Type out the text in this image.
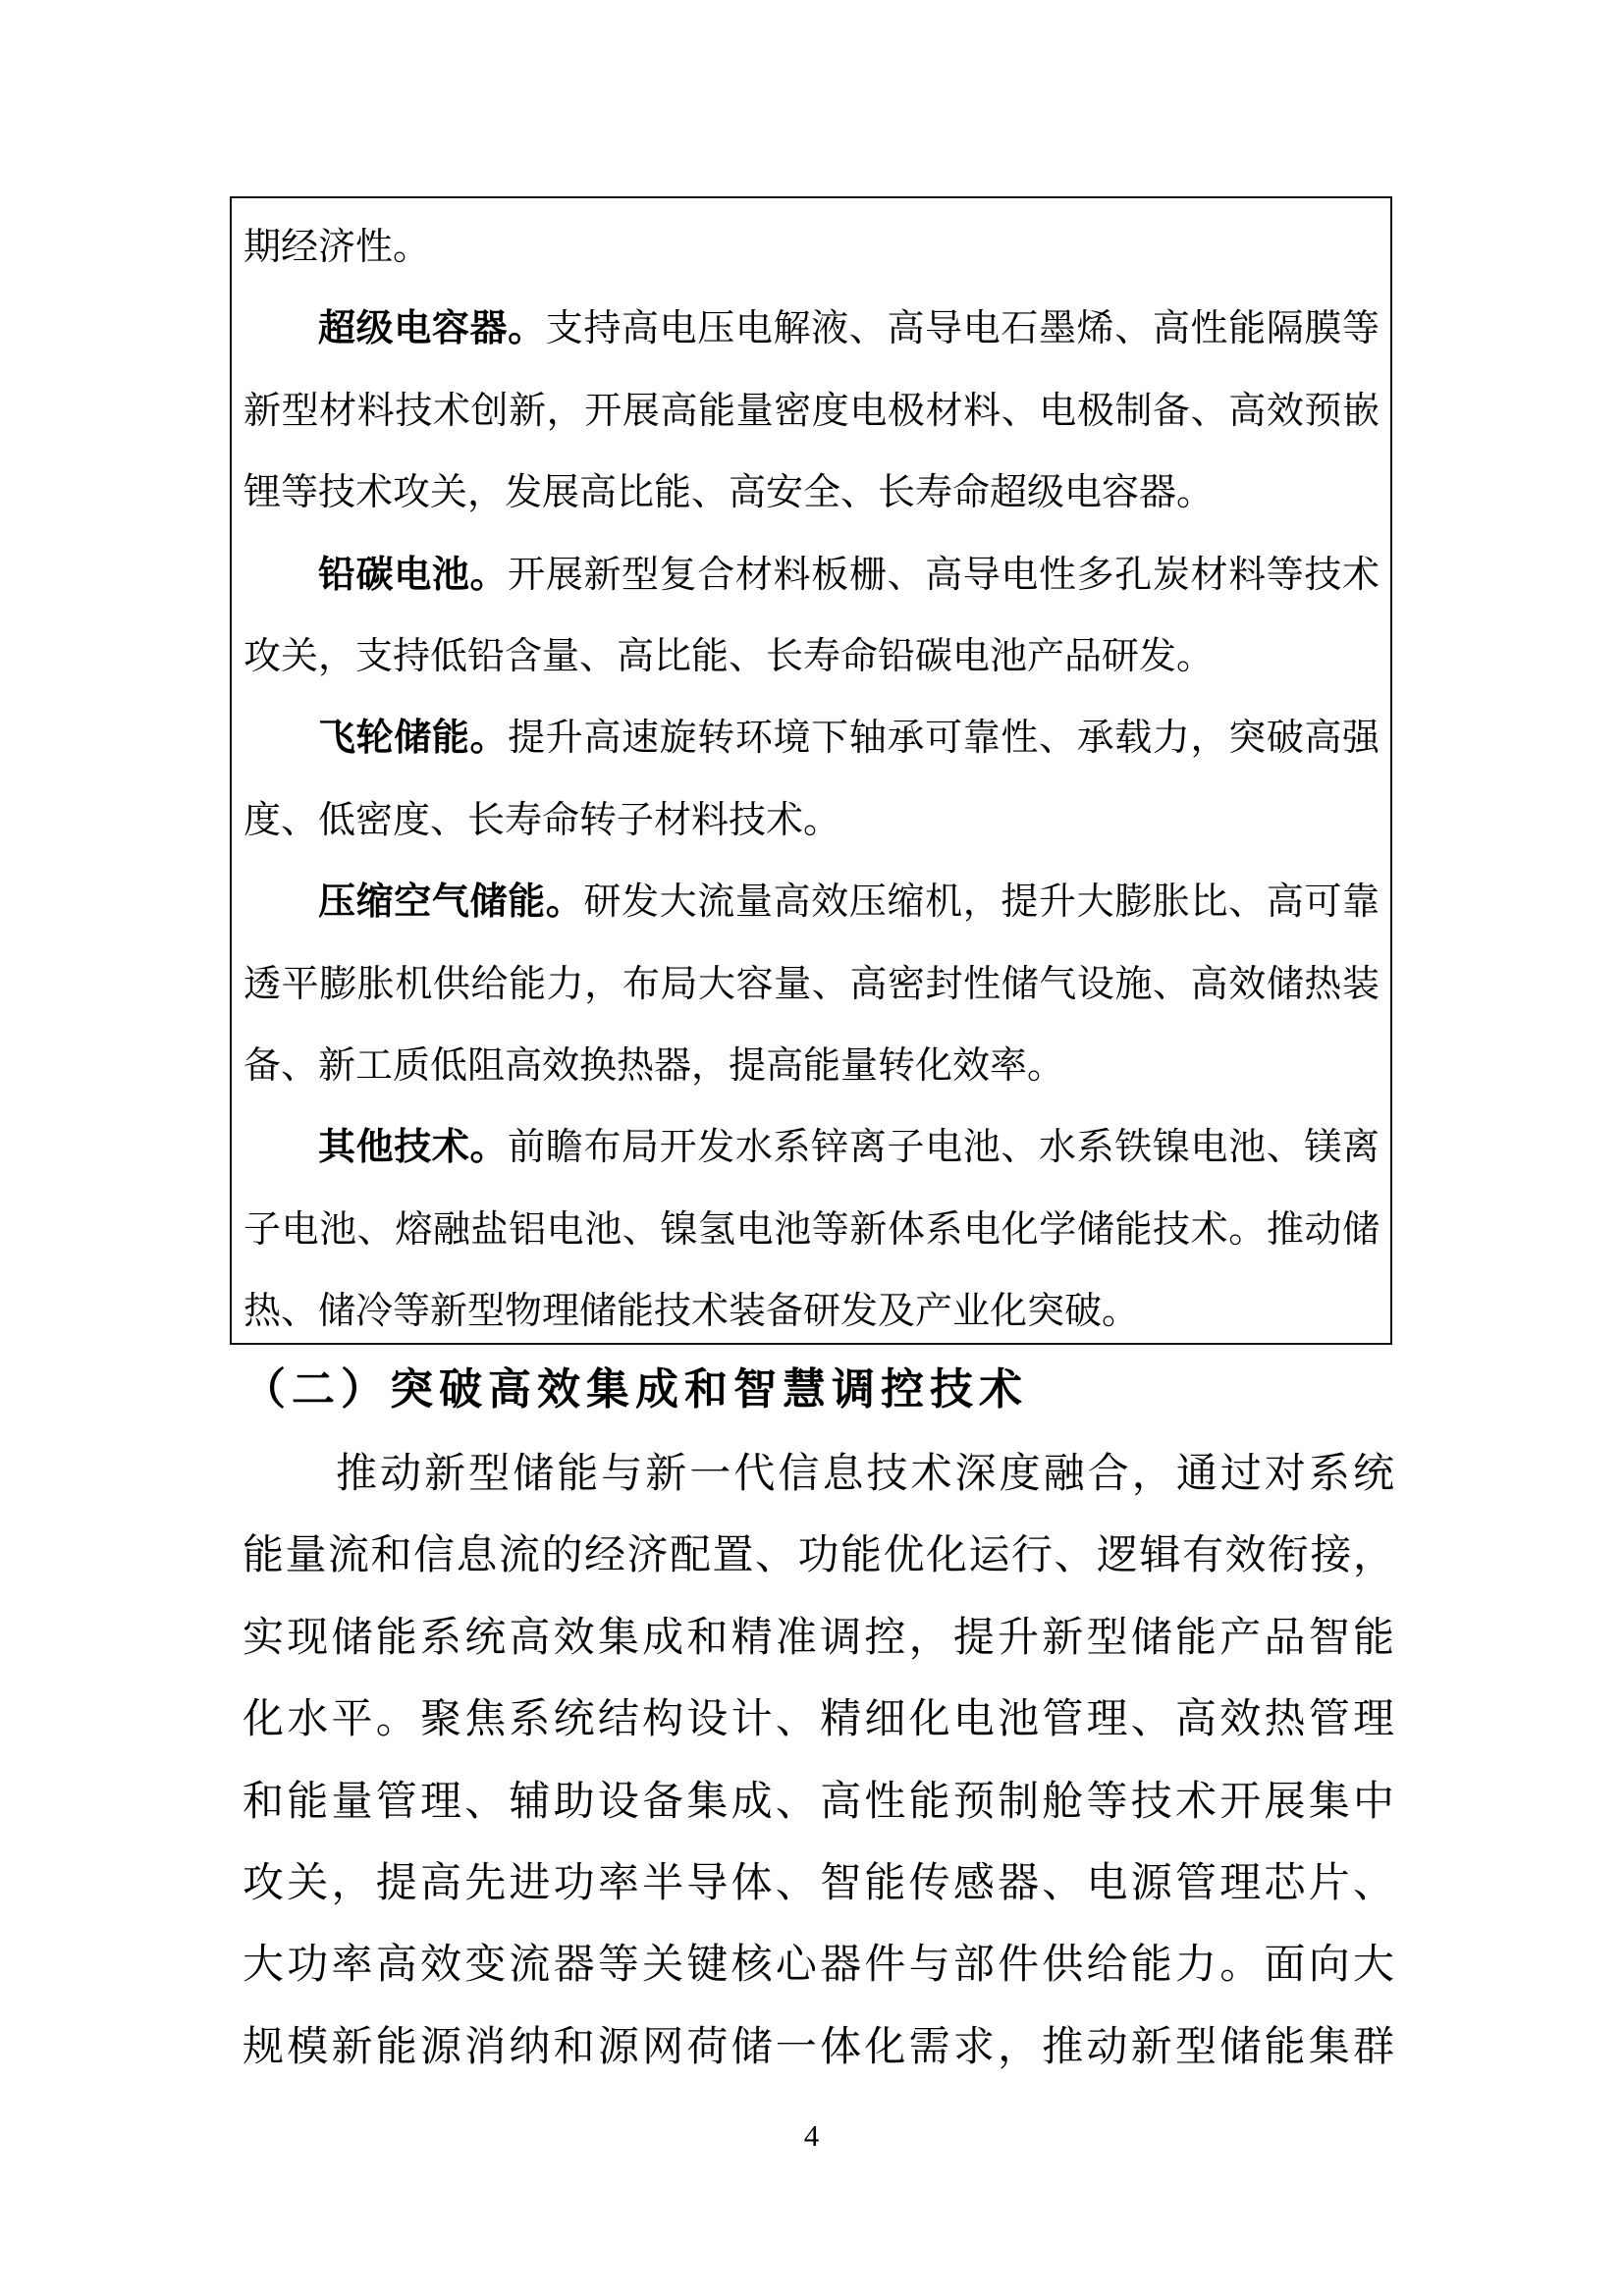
期经济性。
超级电容器。支持高电压电解液、高导电石墨烯、高性能隔膜等
新型材料技术创新，开展高能量密度电极材料、电极制备、高效预嵌
锂等技术攻关，发展高比能、高安全、长寿命超级电容器。
铅碳电池。开展新型复合材料板栅、高导电性多孔炭材料等技术
攻关，支持低铅含量、高比能、长寿命铅碳电池产品研发。
飞轮储能。提升高速旋转环境下轴承可靠性、承载力，突破高强
度、低密度、长寿命转子材料技术。
压缩空气储能。研发大流量高效压缩机，提升大膨胀比、高可靠
透平膨胀机供给能力，布局大容量、高密封性储气设施、高效储热装
备、新工质低阻高效换热器，提高能量转化效率。
其他技术。前瞻布局开发水系锌离子电池、水系铁镍电池、镁离
子电池、熔融盐铝电池、镍氢电池等新体系电化学储能技术。推动储
热、储冷等新型物理储能技术装备研发及产业化突破。
（二）突破高效集成和智慧调控技术
推动新型储能与新一代信息技术深度融合，通过对系统
能量流和信息流的经济配置、功能优化运行、逻辑有效衔接，
实现储能系统高效集成和精准调控，提升新型储能产品智能
化水平。聚焦系统结构设计、精细化电池管理、高效热管理
和能量管理、辅助设备集成、高性能预制舱等技术开展集中
攻关，提高先进功率半导体、智能传感器、电源管理芯片、
大功率高效变流器等关键核心器件与部件供给能力。面向大
规模新能源消纳和源网荷储一体化需求，推动新型储能集群
4
